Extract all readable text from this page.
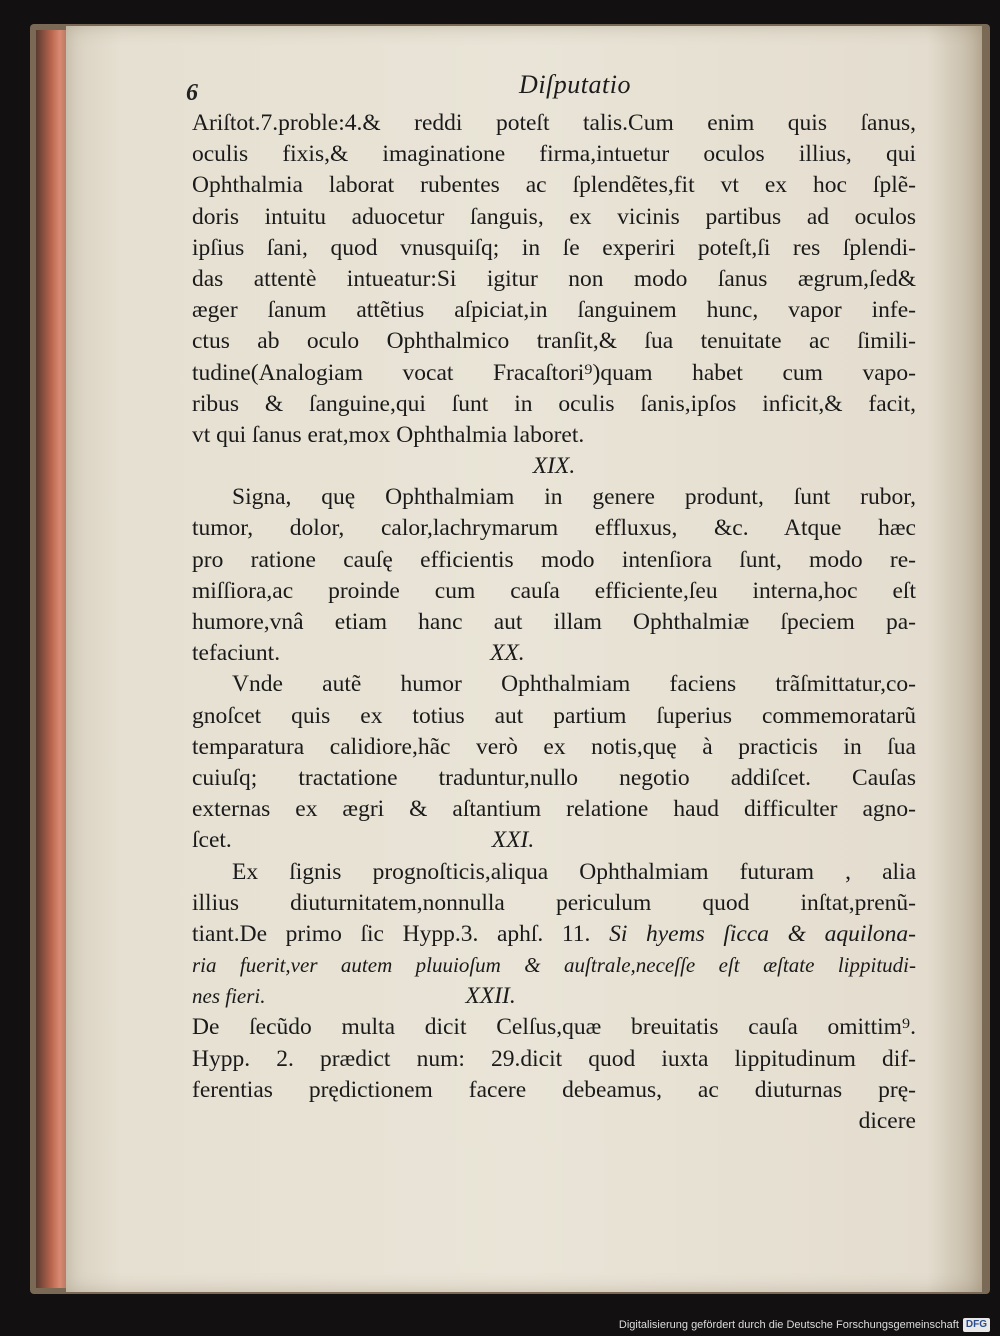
6	Diſputatio
Ariſtot.7.proble:4.& reddi poteſt talis.Cum enim quis ſanus,
oculis fixis,& imaginatione firma,intuetur oculos illius, qui
Ophthalmia laborat rubentes ac ſplendẽtes,fit vt ex hoc ſplẽ-
doris intuitu aduocetur ſanguis, ex vicinis partibus ad oculos
ipſius ſani, quod vnusquiſq; in ſe experiri poteſt,ſi res ſplendi-
das attentè intueatur:Si igitur non modo ſanus ægrum,ſed&
æger ſanum attẽtius aſpiciat,in ſanguinem hunc, vapor infe-
ctus ab oculo Ophthalmico tranſit,& ſua tenuitate ac ſimili-
tudine(Analogiam vocat Fracaſtori⁹)quam habet cum vapo-
ribus & ſanguine,qui ſunt in oculis ſanis,ipſos inficit,& facit,
vt qui ſanus erat,mox Ophthalmia laboret.
XIX.
Signa, quę Ophthalmiam in genere produnt, ſunt rubor,
tumor, dolor, calor,lachrymarum effluxus, &c. Atque hæc
pro ratione cauſę efficientis modo intenſiora ſunt, modo re-
miſſiora,ac proinde cum cauſa efficiente,ſeu interna,hoc eſt
humore,vnâ etiam hanc aut illam Ophthalmiæ ſpeciem pa-
tefaciunt.	XX.
Vnde autẽ humor Ophthalmiam faciens trãſmittatur,co-
gnoſcet quis ex totius aut partium ſuperius commemoratarũ
temparatura calidiore,hãc verò ex notis,quę à practicis in ſua
cuiuſq; tractatione traduntur,nullo negotio addiſcet. Cauſas
externas ex ægri & aſtantium relatione haud difficulter agno-
ſcet.	XXI.
Ex ſignis prognoſticis,aliqua Ophthalmiam futuram , alia
illius diuturnitatem,nonnulla periculum quod inſtat,prenũ-
tiant.De primo ſic Hypp.3. aphſ. 11. Si hyems ſicca & aquilona-
ria fuerit,ver autem pluuioſum & auſtrale,neceſſe eſt æſtate lippitudi-
nes fieri.	XXII.
De ſecũdo multa dicit Celſus,quæ breuitatis cauſa omittim⁹.
Hypp. 2. prædict num: 29.dicit quod iuxta lippitudinum dif-
ferentias prędictionem facere debeamus, ac diuturnas prę-
dicere
Digitalisierung gefördert durch die Deutsche Forschungsgemeinschaft DFG
